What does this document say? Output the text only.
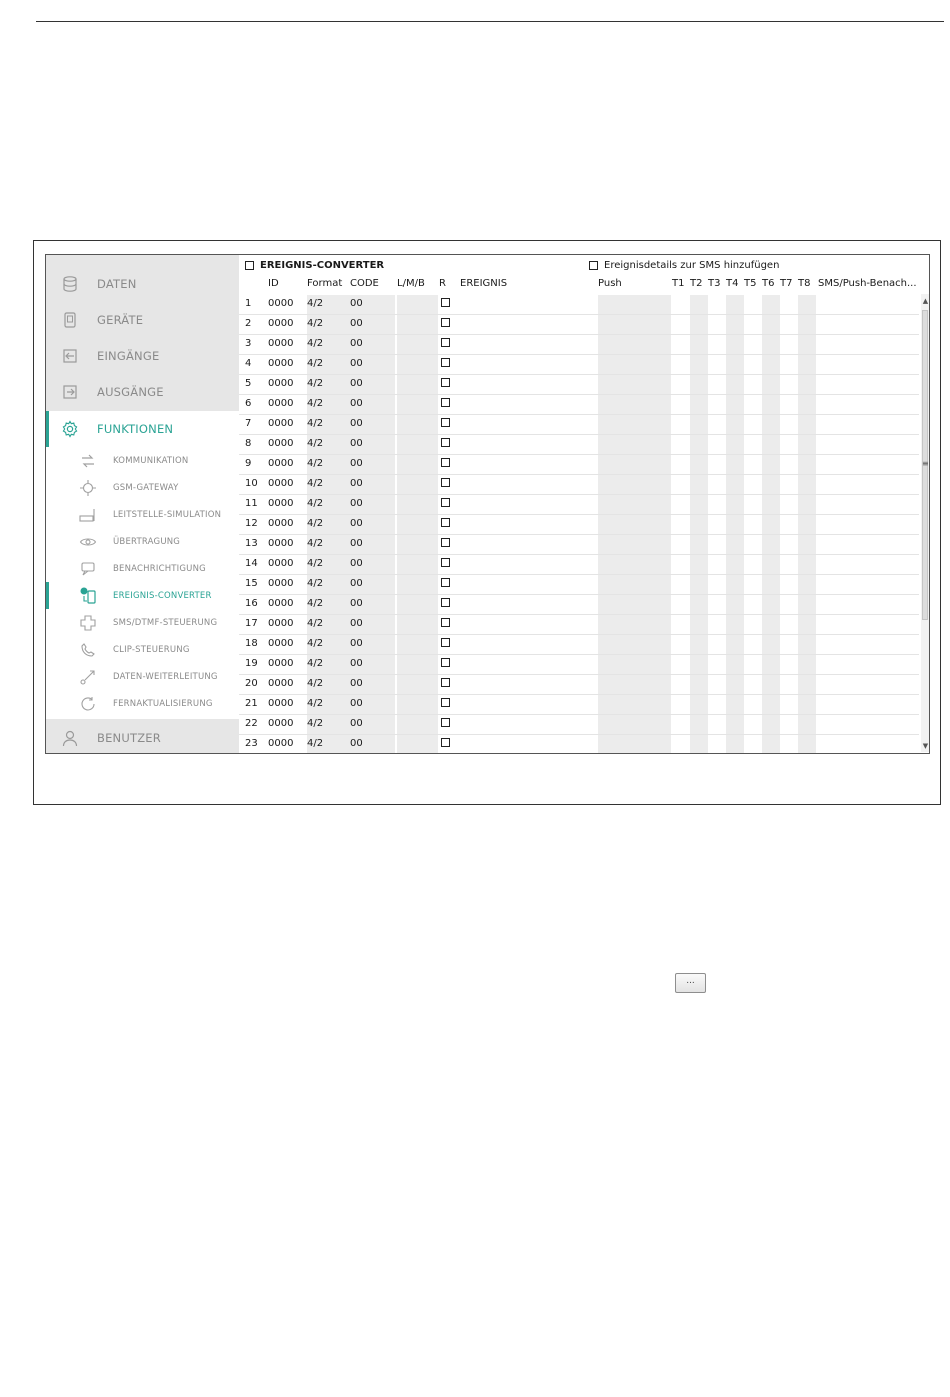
DATEN
GERÄTE
EINGÄNGE
AUSGÄNGE
FUNKTIONEN
KOMMUNIKATION
GSM-GATEWAY
LEITSTELLE-SIMULATION
ÜBERTRAGUNG
BENACHRICHTIGUNG
EREIGNIS-CONVERTER
SMS/DTMF-STEUERUNG
CLIP-STEUERUNG
DATEN-WEITERLEITUNG
FERNAKTUALISIERUNG
BENUTZER
EREIGNIS-CONVERTER	Ereignisdetails zur SMS hinzufügen
ID	Format CODE L/M/B R EREIGNIS	Push	T1 T2 T3 T4 T5 T6 T7 T8 SMS/Push-Benach...
1 0000 4/2	00
2 0000 4/2	00
3 0000 4/2	00
4 0000 4/2	00
5 0000 4/2	00
6 0000 4/2	00
7 0000 4/2	00
8 0000 4/2	00
9 0000 4/2	00
10 0000 4/2	00
11 0000 4/2	00
12 0000 4/2	00
13 0000 4/2	00
14 0000 4/2	00
15 0000 4/2	00
16 0000 4/2	00
17 0000 4/2	00
18 0000 4/2	00
19 0000 4/2	00
20 0000 4/2	00
21 0000 4/2	00
22 0000 4/2	00
23 0000 4/2	00
▲
≡
▼
...
